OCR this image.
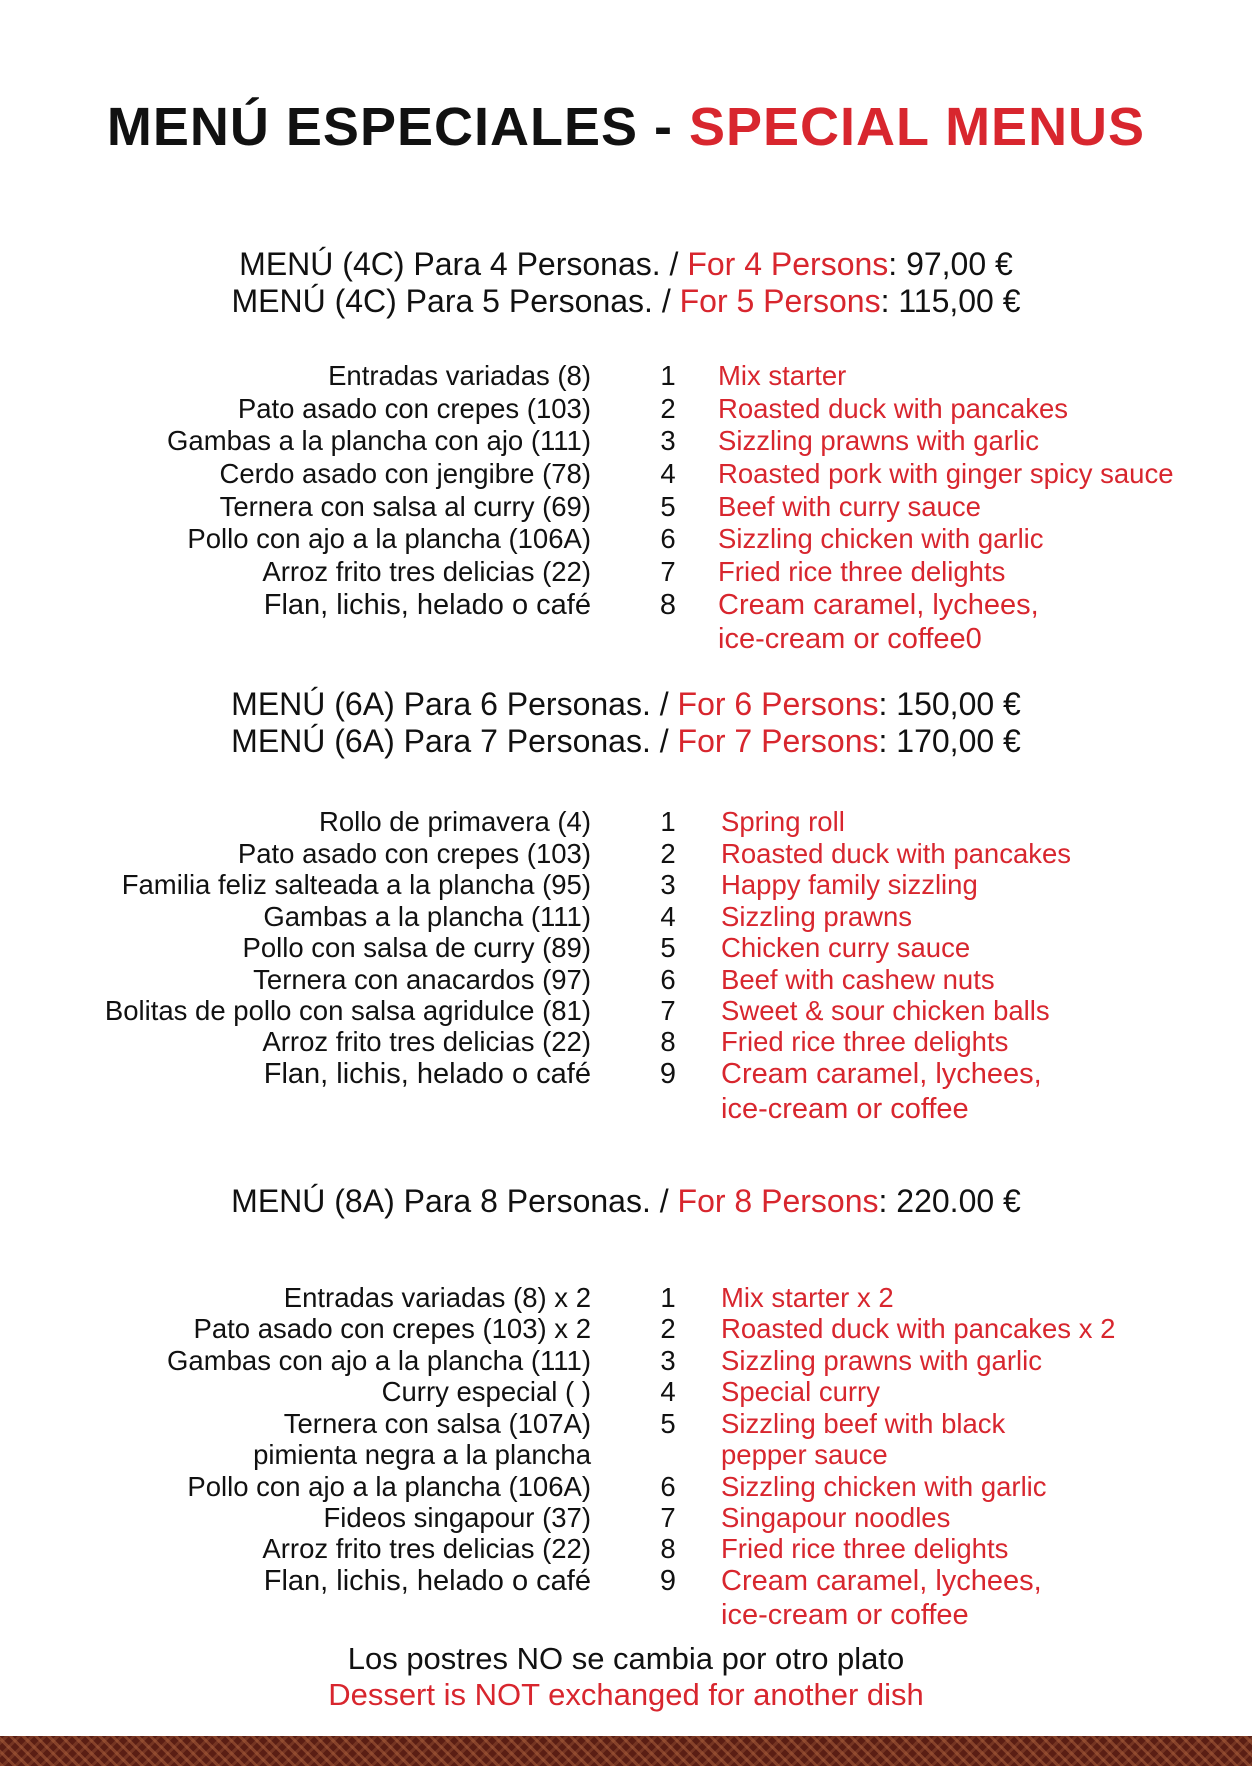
MENÚ ESPECIALES - SPECIAL MENUS
MENÚ (4C) Para 4 Personas. / For 4 Persons: 97,00 €
MENÚ (4C) Para 5 Personas. / For 5 Persons: 115,00 €
Entradas variadas (8)	1 Mix starter
Pato asado con crepes (103)	2 Roasted duck with pancakes
Gambas a la plancha con ajo (111)	3 Sizzling prawns with garlic
Cerdo asado con jengibre (78)	4 Roasted pork with ginger spicy sauce
Ternera con salsa al curry (69)	5 Beef with curry sauce
Pollo con ajo a la plancha (106A)	6 Sizzling chicken with garlic
Arroz frito tres delicias (22)	7 Fried rice three delights
Flan, lichis, helado o café 8 Cream caramel, lychees,
ice-cream or coffee0
MENÚ (6A) Para 6 Personas. / For 6 Persons: 150,00 €
MENÚ (6A) Para 7 Personas. / For 7 Persons: 170,00 €
Rollo de primavera (4)	1 Spring roll
Pato asado con crepes (103)	2 Roasted duck with pancakes
Familia feliz salteada a la plancha (95)	3 Happy family sizzling
Gambas a la plancha (111)	4 Sizzling prawns
Pollo con salsa de curry (89)	5 Chicken curry sauce
Ternera con anacardos (97)	6 Beef with cashew nuts
Bolitas de pollo con salsa agridulce (81)	7 Sweet & sour chicken balls
Arroz frito tres delicias (22)	8 Fried rice three delights
Flan, lichis, helado o café 9 Cream caramel, lychees,
ice-cream or coffee
MENÚ (8A) Para 8 Personas. / For 8 Persons: 220.00 €
Entradas variadas (8) x 2	1 Mix starter x 2
Pato asado con crepes (103) x 2	2 Roasted duck with pancakes x 2
Gambas con ajo a la plancha (111)	3 Sizzling prawns with garlic
Curry especial ( )	4 Special curry
Ternera con salsa (107A)	5 Sizzling beef with black
pimienta negra a la plancha	pepper sauce
Pollo con ajo a la plancha (106A)	6 Sizzling chicken with garlic
Fideos singapour (37)	7 Singapour noodles
Arroz frito tres delicias (22)	8 Fried rice three delights
Flan, lichis, helado o café 9 Cream caramel, lychees,
ice-cream or coffee
Los postres NO se cambia por otro plato
Dessert is NOT exchanged for another dish
